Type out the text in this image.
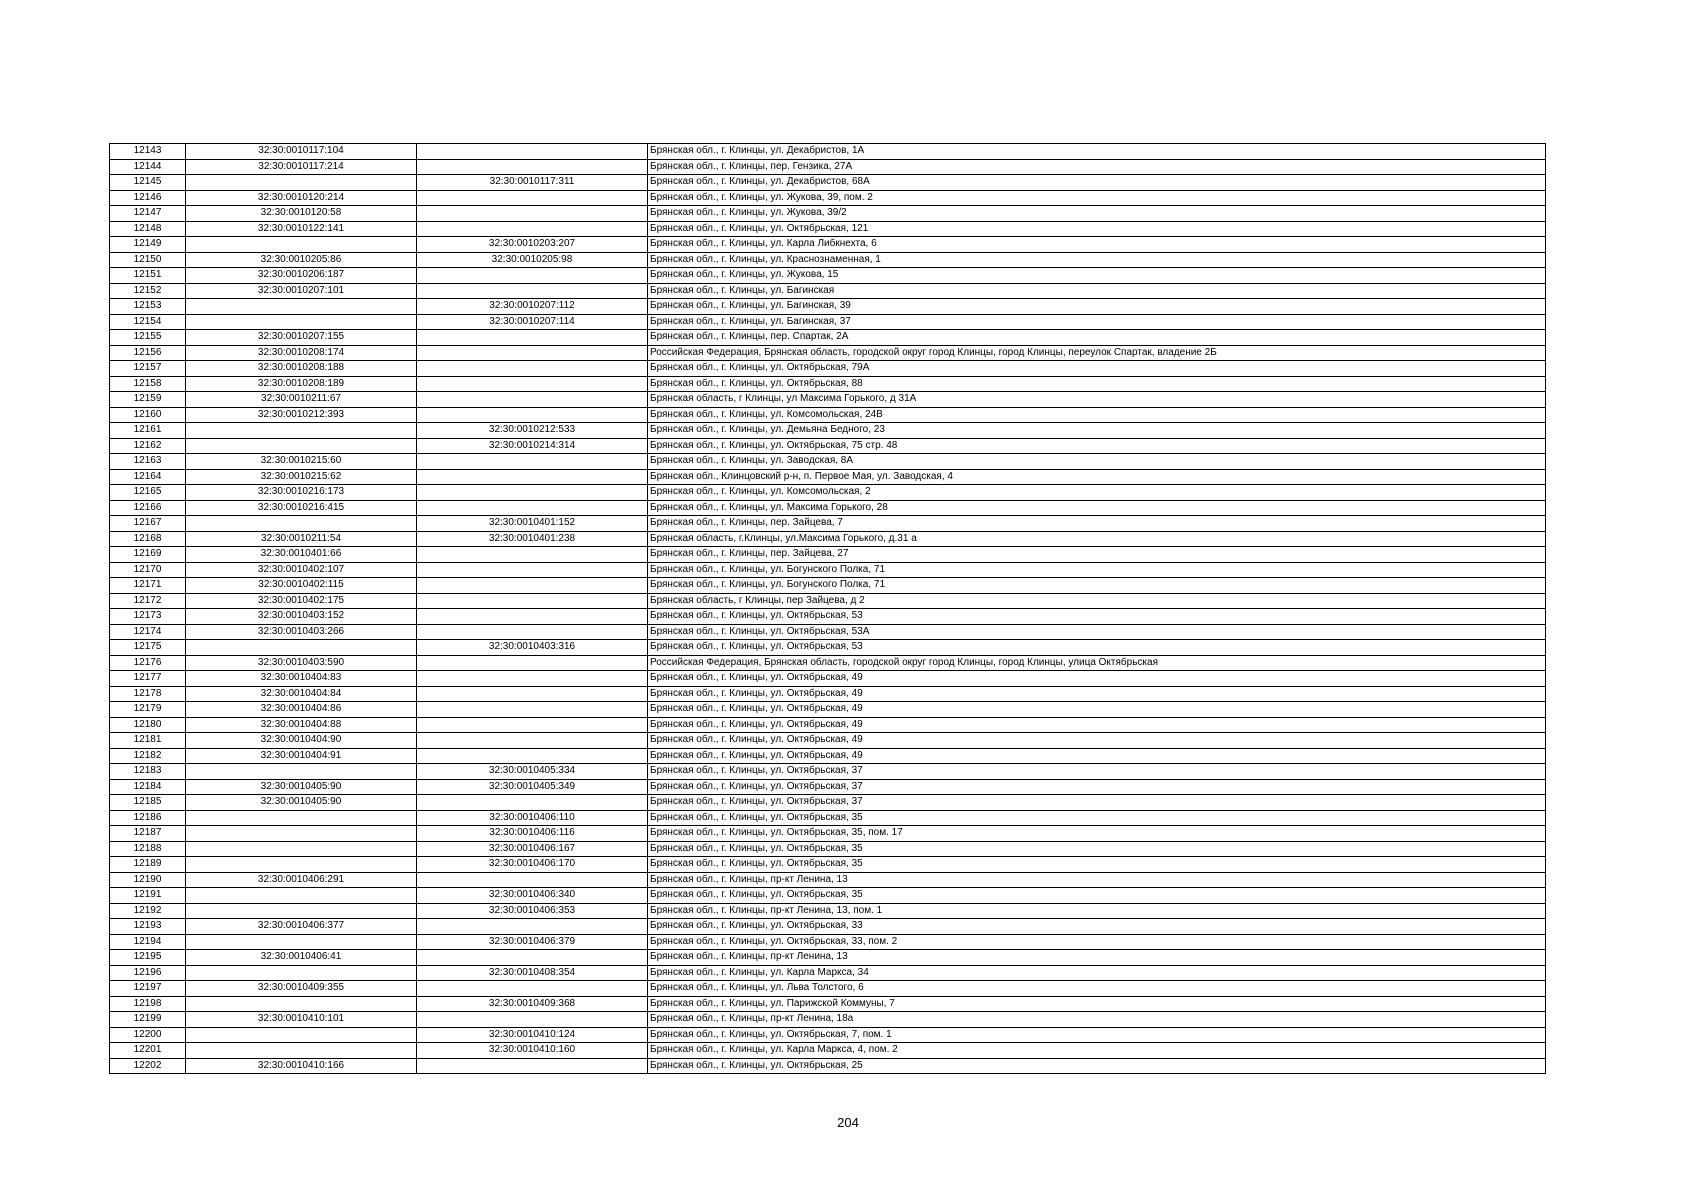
12143	32:30:0010117:104		Брянская обл., г. Клинцы, ул. Декабристов, 1А
12144	32:30:0010117:214		Брянская обл., г. Клинцы, пер. Гензика, 27А
12145		32:30:0010117:311	Брянская обл., г. Клинцы, ул. Декабристов, 68А
12146	32:30:0010120:214		Брянская обл., г. Клинцы, ул. Жукова, 39, пом. 2
12147	32:30:0010120:58		Брянская обл., г. Клинцы, ул. Жукова, 39/2
12148	32:30:0010122:141		Брянская обл., г. Клинцы, ул. Октябрьская, 121
12149		32:30:0010203:207	Брянская обл., г. Клинцы, ул. Карла Либкнехта, 6
12150	32:30:0010205:86	32:30:0010205:98	Брянская обл., г. Клинцы, ул. Краснознаменная, 1
12151	32:30:0010206:187		Брянская обл., г. Клинцы, ул. Жукова, 15
12152	32:30:0010207:101		Брянская обл., г. Клинцы, ул. Багинская
12153		32:30:0010207:112	Брянская обл., г. Клинцы, ул. Багинская, 39
12154		32:30:0010207:114	Брянская обл., г. Клинцы, ул. Багинская, 37
12155	32:30:0010207:155		Брянская обл., г. Клинцы, пер. Спартак, 2А
12156	32:30:0010208:174		Российская Федерация, Брянская область, городской округ город Клинцы, город Клинцы, переулок Спартак, владение 2Б
12157	32:30:0010208:188		Брянская обл., г. Клинцы, ул. Октябрьская, 79А
12158	32:30:0010208:189		Брянская обл., г. Клинцы, ул. Октябрьская, 88
12159	32:30:0010211:67		Брянская область, г Клинцы, ул Максима Горького, д 31А
12160	32:30:0010212:393		Брянская обл., г. Клинцы, ул. Комсомольская, 24В
12161		32:30:0010212:533	Брянская обл., г. Клинцы, ул. Демьяна Бедного, 23
12162		32:30:0010214:314	Брянская обл., г. Клинцы, ул. Октябрьская, 75 стр. 48
12163	32:30:0010215:60		Брянская обл., г. Клинцы, ул. Заводская, 8А
12164	32:30:0010215:62		Брянская обл., Клинцовский р-н, п. Первое Мая, ул. Заводская, 4
12165	32:30:0010216:173		Брянская обл., г. Клинцы, ул. Комсомольская, 2
12166	32:30:0010216:415		Брянская обл., г. Клинцы, ул. Максима Горького, 28
12167		32:30:0010401:152	Брянская обл., г. Клинцы, пер. Зайцева, 7
12168	32:30:0010211:54	32:30:0010401:238	Брянская область, г.Клинцы, ул.Максима Горького, д.31 а
12169	32:30:0010401:66		Брянская обл., г. Клинцы, пер. Зайцева, 27
12170	32:30:0010402:107		Брянская обл., г. Клинцы, ул. Богунского Полка, 71
12171	32:30:0010402:115		Брянская обл., г. Клинцы, ул. Богунского Полка, 71
12172	32:30:0010402:175		Брянская область, г Клинцы, пер Зайцева, д 2
12173	32:30:0010403:152		Брянская обл., г. Клинцы, ул. Октябрьская, 53
12174	32:30:0010403:266		Брянская обл., г. Клинцы, ул. Октябрьская, 53А
12175		32:30:0010403:316	Брянская обл., г. Клинцы, ул. Октябрьская, 53
12176	32:30:0010403:590		Российская Федерация, Брянская область, городской округ город Клинцы, город Клинцы, улица Октябрьская
12177	32:30:0010404:83		Брянская обл., г. Клинцы, ул. Октябрьская, 49
12178	32:30:0010404:84		Брянская обл., г. Клинцы, ул. Октябрьская, 49
12179	32:30:0010404:86		Брянская обл., г. Клинцы, ул. Октябрьская, 49
12180	32:30:0010404:88		Брянская обл., г. Клинцы, ул. Октябрьская, 49
12181	32:30:0010404:90		Брянская обл., г. Клинцы, ул. Октябрьская, 49
12182	32:30:0010404:91		Брянская обл., г. Клинцы, ул. Октябрьская, 49
12183		32:30:0010405:334	Брянская обл., г. Клинцы, ул. Октябрьская, 37
12184	32:30:0010405:90	32:30:0010405:349	Брянская обл., г. Клинцы, ул. Октябрьская, 37
12185	32:30:0010405:90		Брянская обл., г. Клинцы, ул. Октябрьская, 37
12186		32:30:0010406:110	Брянская обл., г. Клинцы, ул. Октябрьская, 35
12187		32:30:0010406:116	Брянская обл., г. Клинцы, ул. Октябрьская, 35, пом. 17
12188		32:30:0010406:167	Брянская обл., г. Клинцы, ул. Октябрьская, 35
12189		32:30:0010406:170	Брянская обл., г. Клинцы, ул. Октябрьская, 35
12190	32:30:0010406:291		Брянская обл., г. Клинцы, пр-кт Ленина, 13
12191		32:30:0010406:340	Брянская обл., г. Клинцы, ул. Октябрьская, 35
12192		32:30:0010406:353	Брянская обл., г. Клинцы, пр-кт Ленина, 13, пом. 1
12193	32:30:0010406:377		Брянская обл., г. Клинцы, ул. Октябрьская, 33
12194		32:30:0010406:379	Брянская обл., г. Клинцы, ул. Октябрьская, 33, пом. 2
12195	32:30:0010406:41		Брянская обл., г. Клинцы, пр-кт Ленина, 13
12196		32:30:0010408:354	Брянская обл., г. Клинцы, ул. Карла Маркса, 34
12197	32:30:0010409:355		Брянская обл., г. Клинцы, ул. Льва Толстого, 6
12198		32:30:0010409:368	Брянская обл., г. Клинцы, ул. Парижской Коммуны, 7
12199	32:30:0010410:101		Брянская обл., г. Клинцы, пр-кт Ленина, 18а
12200		32:30:0010410:124	Брянская обл., г. Клинцы, ул. Октябрьская, 7, пом. 1
12201		32:30:0010410:160	Брянская обл., г. Клинцы, ул. Карла Маркса, 4, пом. 2
12202	32:30:0010410:166		Брянская обл., г. Клинцы, ул. Октябрьская, 25
204
